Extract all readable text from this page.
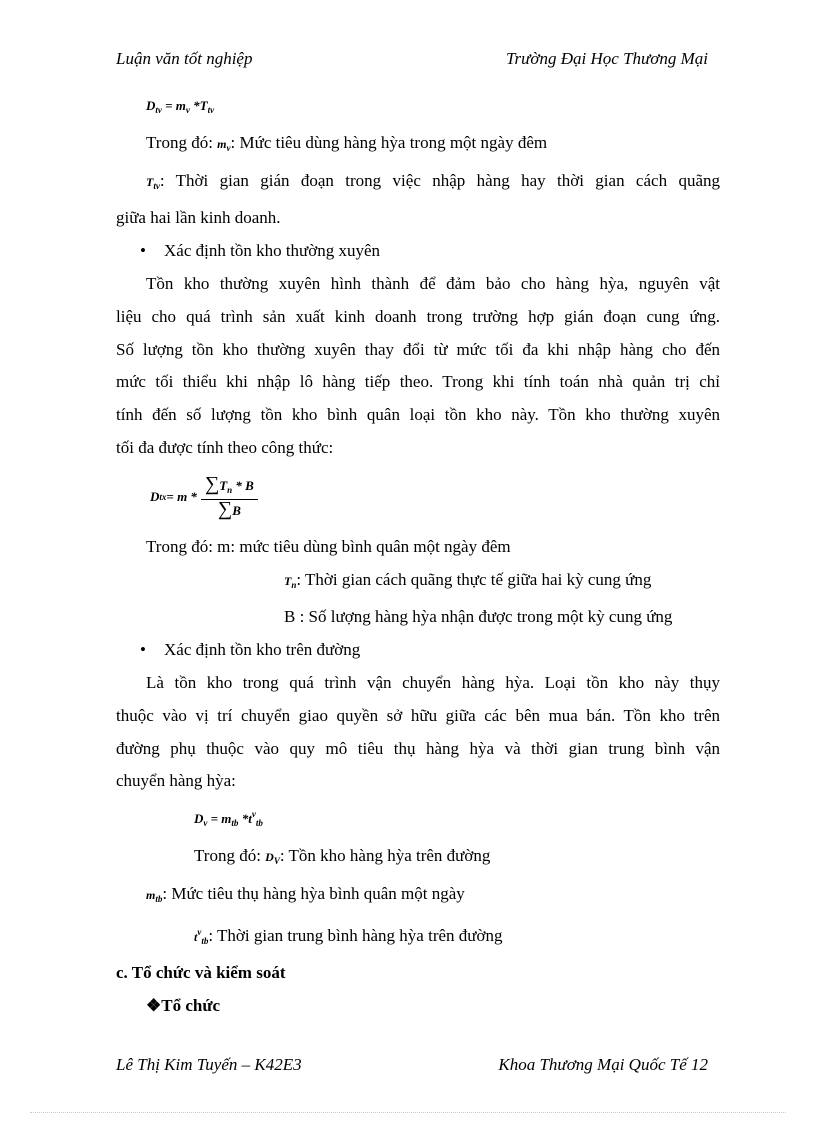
Luận văn tốt nghiệp	Trường Đại Học Thương Mại
$D_{tv} = m_v$ $*T_{tv}$
Trong đó: $m_v$: Mức tiêu dùng hàng hỳa trong một ngày đêm
$T_{tv}$: Thời gian gián đoạn trong việc nhập hàng hay thời gian cách quãng
giữa hai lần kinh doanh.
• Xác định tồn kho thường xuyên
Tồn kho thường xuyên hình thành để đảm bảo cho hàng hỳa, nguyên vật
liệu cho quá trình sản xuất kinh doanh trong trường hợp gián đoạn cung ứng.
Số lượng tồn kho thường xuyên thay đổi từ mức tối đa khi nhập hàng cho đến
mức tối thiểu khi nhập lô hàng tiếp theo. Trong khi tính toán nhà quản trị chỉ
tính đến số lượng tồn kho bình quân loại tồn kho này. Tồn kho thường xuyên
tối đa được tính theo công thức:
D tx = m * $\frac{\sum T_n * B}{\sum B}$
Trong đó: m: mức tiêu dùng bình quân một ngày đêm
$T_n$: Thời gian cách quãng thực tế giữa hai kỳ cung ứng
B : Số lượng hàng hỳa nhận được trong một kỳ cung ứng
• Xác định tồn kho trên đường
Là tồn kho trong quá trình vận chuyển hàng hỳa. Loại tồn kho này thụy
thuộc vào vị trí chuyển giao quyền sở hữu giữa các bên mua bán. Tồn kho trên
đường phụ thuộc vào quy mô tiêu thụ hàng hỳa và thời gian trung bình vận
chuyển hàng hỳa:
$D_v = m_{tb}$ $*t^v_{tb}$
Trong đó: $D_V$: Tồn kho hàng hỳa trên đường
$m_{tb}$: Mức tiêu thụ hàng hỳa bình quân một ngày
$t^v_{tb}$: Thời gian trung bình hàng hỳa trên đường
c. Tổ chức và kiểm soát
❖Tổ chức
Lê Thị Kim Tuyến – K42E3	Khoa Thương Mại Quốc Tế 12
